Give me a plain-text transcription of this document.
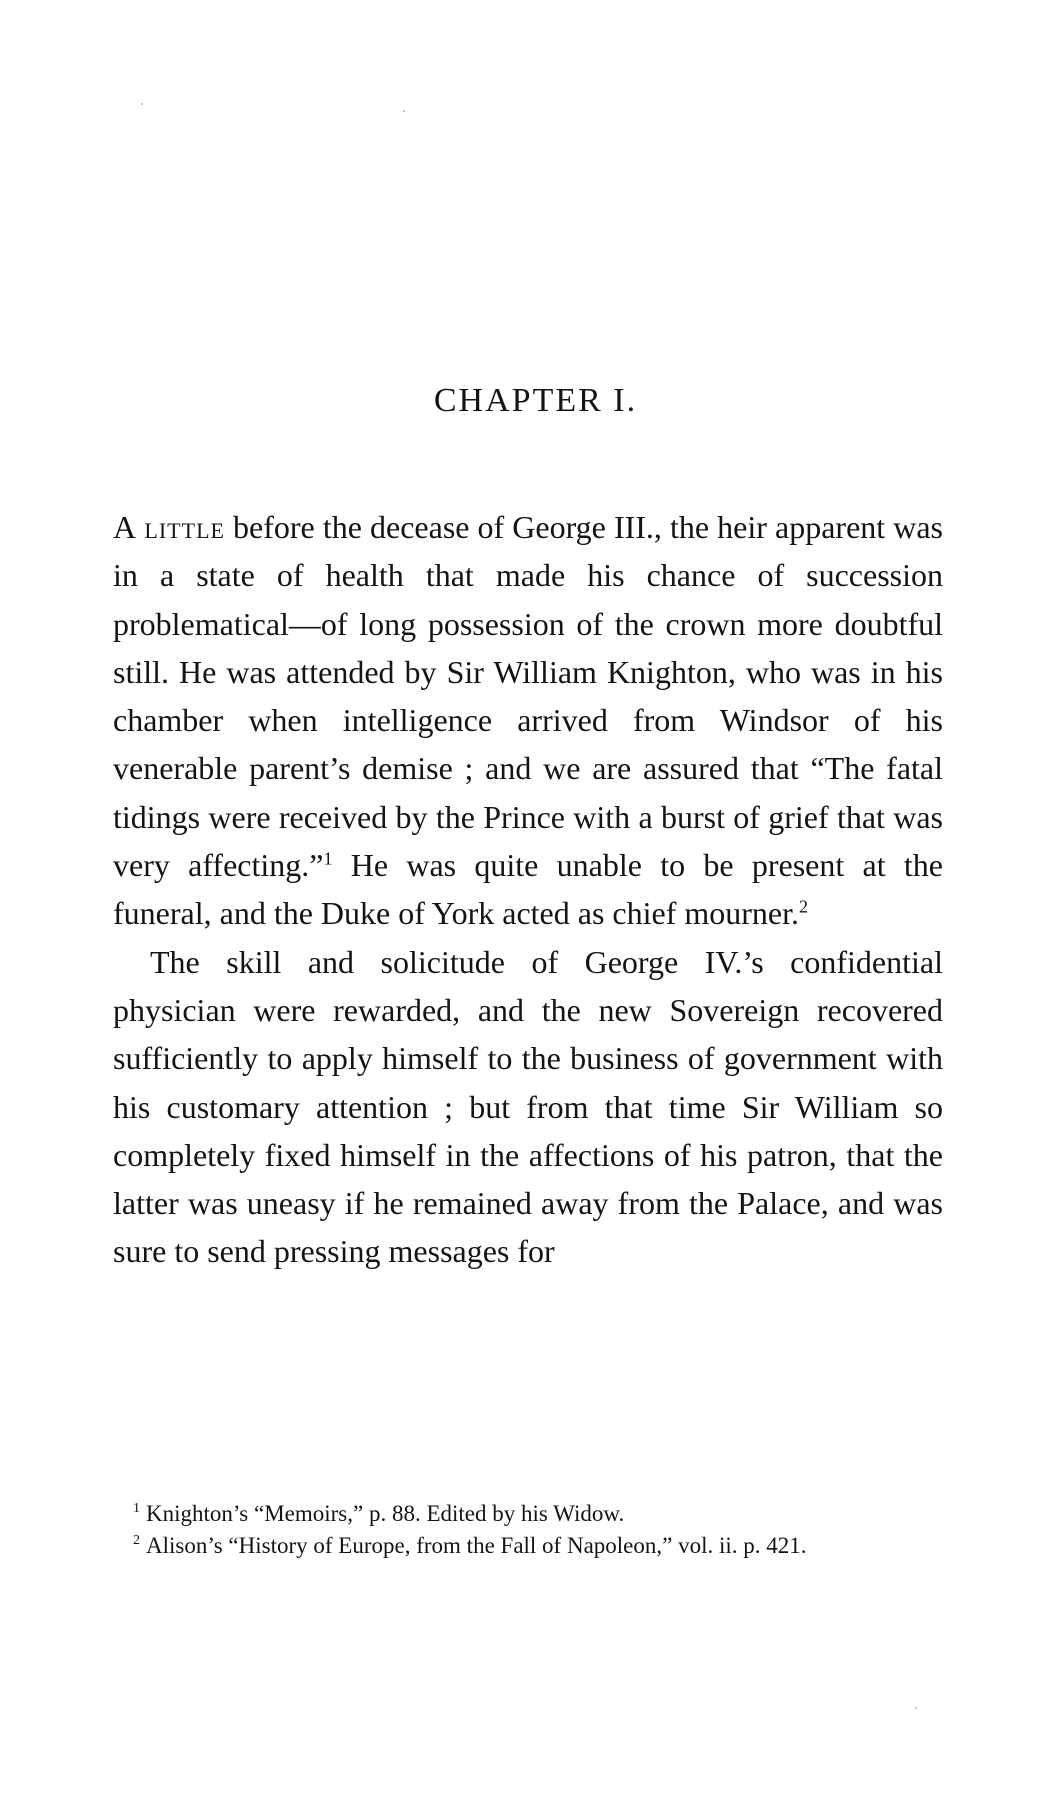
CHAPTER I.

A little before the decease of George III., the heir apparent was in a state of health that made his chance of succession problematical—of long possession of the crown more doubtful still. He was attended by Sir William Knighton, who was in his chamber when intelligence arrived from Windsor of his venerable parent’s demise ; and we are assured that “The fatal tidings were received by the Prince with a burst of grief that was very affecting.”$^1$ He was quite unable to be present at the funeral, and the Duke of York acted as chief mourner.$^2$

The skill and solicitude of George IV.’s confidential physician were rewarded, and the new Sovereign recovered sufficiently to apply himself to the business of government with his customary attention ; but from that time Sir William so completely fixed himself in the affections of his patron, that the latter was uneasy if he remained away from the Palace, and was sure to send pressing messages for

$^1$ Knighton’s “Memoirs,” p. 88. Edited by his Widow.

$^2$ Alison’s “History of Europe, from the Fall of Napoleon,” vol. ii. p. 421.
